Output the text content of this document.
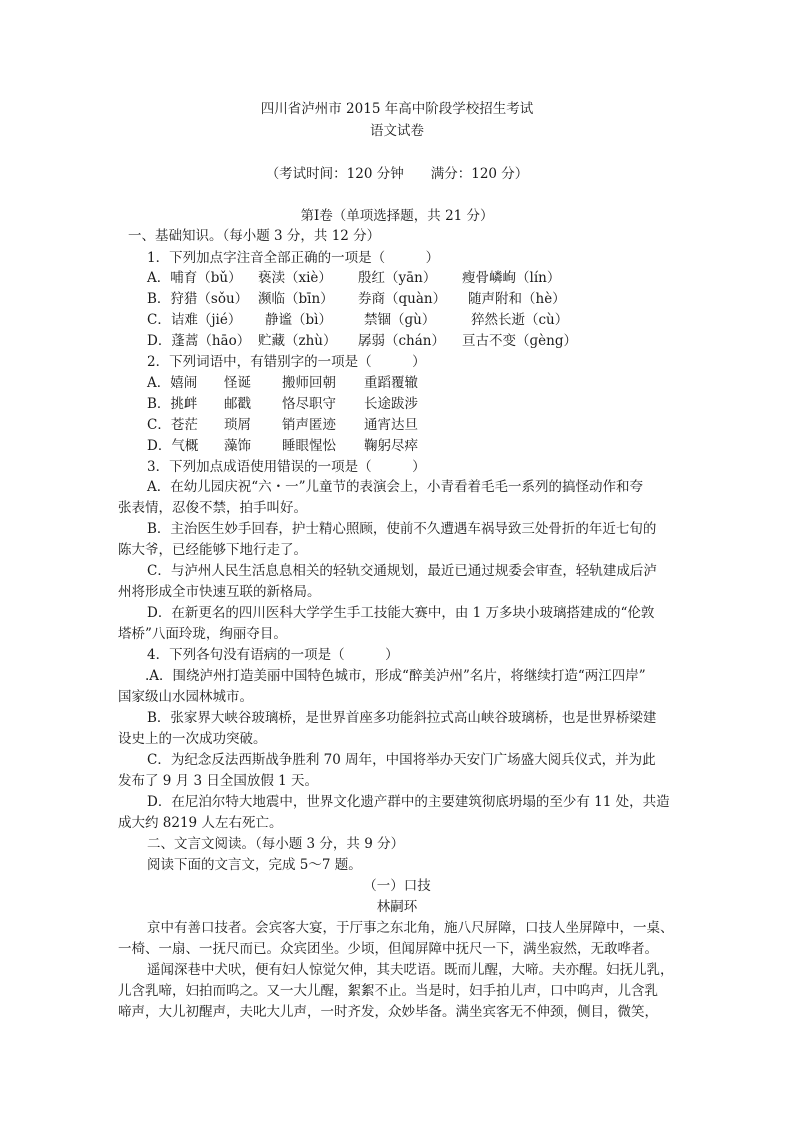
四川省泸州市 2015 年高中阶段学校招生考试
语文试卷
（考试时间：120 分钟　　满分：120 分）
第Ⅰ卷（单项选择题，共 21 分）
一、基础知识。（每小题 3 分，共 12 分）
1．下列加点字注音全部正确的一项是（　　　）
A．哺育（bǔ） 亵渎（xiè） 殷红（yān） 瘦骨嶙峋（lín）
B．狩猎（sǒu） 濒临（bīn） 券商（quàn） 随声附和（hè）
C．诘难（jié） 静谧（bì） 禁锢（ɡù）	猝然长逝（cù）
D．蓬蒿（hāo） 贮藏（zhù） 孱弱（chán） 亘古不变（ɡèng）
2．下列词语中，有错别字的一项是（　　　）
A．嬉闹 怪诞 搬师回朝 重蹈覆辙
B．挑衅 邮戳 恪尽职守 长途跋涉
C．苍茫 琐屑 销声匿迹 通宵达旦
D．气概 藻饰 睡眼惺忪 鞠躬尽瘁
3．下列加点成语使用错误的一项是（　　　）
A．在幼儿园庆祝“六・一”儿童节的表演会上，小青看着毛毛一系列的搞怪动作和夸
张表情，忍俊不禁，拍手叫好。
B．主治医生妙手回春，护士精心照顾，使前不久遭遇车祸导致三处骨折的年近七旬的
陈大爷，已经能够下地行走了。
C．与泸州人民生活息息相关的轻轨交通规划，最近已通过规委会审查，轻轨建成后泸
州将形成全市快速互联的新格局。
D．在新更名的四川医科大学学生手工技能大赛中，由 1 万多块小玻璃搭建成的“伦敦
塔桥”八面玲珑，绚丽夺目。
4．下列各句没有语病的一项是（　　　）
.A．围绕泸州打造美丽中国特色城市，形成“醉美泸州”名片，将继续打造“两江四岸”
国家级山水园林城市。
B．张家界大峡谷玻璃桥，是世界首座多功能斜拉式高山峡谷玻璃桥，也是世界桥梁建
设史上的一次成功突破。
C．为纪念反法西斯战争胜利 70 周年，中国将举办天安门广场盛大阅兵仪式，并为此
发布了 9 月 3 日全国放假 1 天。
D．在尼泊尔特大地震中，世界文化遗产群中的主要建筑彻底坍塌的至少有 11 处，共造
成大约 8219 人左右死亡。
二、文言文阅读。（每小题 3 分，共 9 分）
阅读下面的文言文，完成 5～7 题。
（一）口技
林嗣环
京中有善口技者。会宾客大宴，于厅事之东北角，施八尺屏障，口技人坐屏障中，一桌、
一椅、一扇、一抚尺而已。众宾团坐。少顷，但闻屏障中抚尺一下，满坐寂然，无敢哗者。
遥闻深巷中犬吠，便有妇人惊觉欠伸，其夫呓语。既而儿醒，大啼。夫亦醒。妇抚儿乳，
儿含乳啼，妇拍而呜之。又一大儿醒，絮絮不止。当是时，妇手拍儿声，口中呜声，儿含乳
啼声，大儿初醒声，夫叱大儿声，一时齐发，众妙毕备。满坐宾客无不伸颈，侧目，微笑，
